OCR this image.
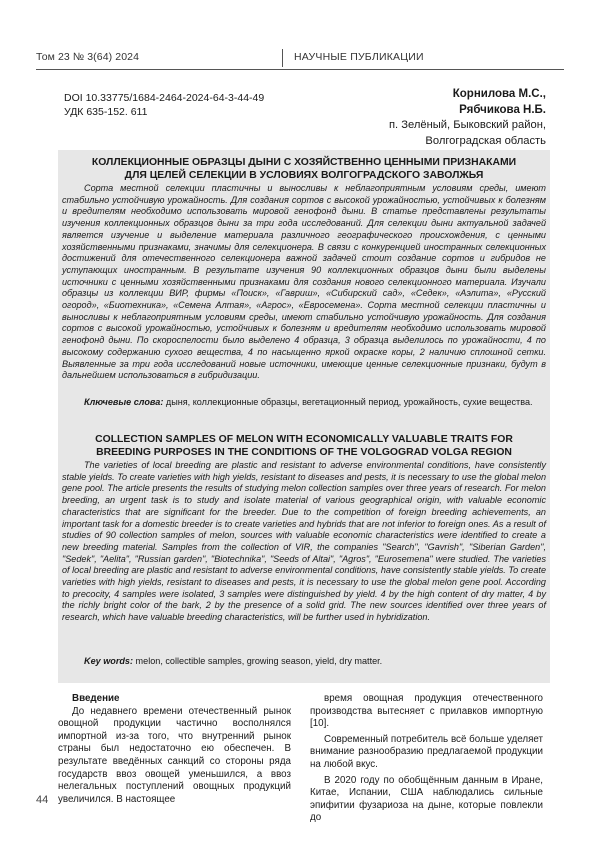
Том 23 № 3(64) 2024	НАУЧНЫЕ ПУБЛИКАЦИИ
DOI 10.33775/1684-2464-2024-64-3-44-49
УДК 635-152. 611
Корнилова М.С.,
Рябчикова Н.Б.
п. Зелёный, Быковский район,
Волгоградская область
КОЛЛЕКЦИОННЫЕ ОБРАЗЦЫ ДЫНИ С ХОЗЯЙСТВЕННО ЦЕННЫМИ ПРИЗНАКАМИ
ДЛЯ ЦЕЛЕЙ СЕЛЕКЦИИ В УСЛОВИЯХ ВОЛГОГРАДСКОГО ЗАВОЛЖЬЯ

Сорта местной селекции пластичны и выносливы к неблагоприятным условиям среды, имеют стабильно устойчивую урожайность. Для создания сортов с высокой урожайностью, устойчивых к болезням и вредителям необходимо использовать мировой генофонд дыни. В статье представлены результаты изучения коллекционных образцов дыни за три года исследований. Для селекции дыни актуальной задачей является изучение и выделение материала различного географического происхождения, с ценными хозяйственными признаками, значимы для селекционера. В связи с конкуренцией иностранных селекционных достижений для отечественного селекционера важной задачей стоит создание сортов и гибридов не уступающих иностранным. В результате изучения 90 коллекционных образцов дыни были выделены источники с ценными хозяйственными признаками для создания нового селекционного материала. Изучали образцы из коллекции ВИР, фирмы «Поиск», «Гавриш», «Сибирский сад», «Седек», «Аэлита», «Русский огород», «Биотехника», «Семена Алтая», «Агрос», «Евросемена». Сорта местной селекции пластичны и выносливы к неблагоприятным условиям среды, имеют стабильно устойчивую урожайность. Для создания сортов с высокой урожайностью, устойчивых к болезням и вредителям необходимо использовать мировой генофонд дыни. По скороспелости было выделено 4 образца, 3 образца выделилось по урожайности, 4 по высокому содержанию сухого вещества, 4 по насыщенно яркой окраске коры, 2 наличию сплошной сетки. Выявленные за три года исследований новые источники, имеющие ценные селекционные признаки, будут в дальнейшем использоваться в гибридизации.

Ключевые слова: дыня, коллекционные образцы, вегетационный период, урожайность, сухие вещества.

COLLECTION SAMPLES OF MELON WITH ECONOMICALLY VALUABLE TRAITS FOR
BREEDING PURPOSES IN THE CONDITIONS OF THE VOLGOGRAD VOLGA REGION

The varieties of local breeding are plastic and resistant to adverse environmental conditions, have consistently stable yields. To create varieties with high yields, resistant to diseases and pests, it is necessary to use the global melon gene pool. The article presents the results of studying melon collection samples over three years of research. For melon breeding, an urgent task is to study and isolate material of various geographical origin, with valuable economic characteristics that are significant for the breeder. Due to the competition of foreign breeding achievements, an important task for a domestic breeder is to create varieties and hybrids that are not inferior to foreign ones. As a result of studies of 90 collection samples of melon, sources with valuable economic characteristics were identified to create a new breeding material. Samples from the collection of VIR, the companies "Search", "Gavrish", "Siberian Garden", "Sedek", "Aelita", "Russian garden", "Biotechnika", "Seeds of Altai", "Agros", "Eurosemena" were studied. The varieties of local breeding are plastic and resistant to adverse environmental conditions, have consistently stable yields. To create varieties with high yields, resistant to diseases and pests, it is necessary to use the global melon gene pool. According to precocity, 4 samples were isolated, 3 samples were distinguished by yield. 4 by the high content of dry matter, 4 by the richly bright color of the bark, 2 by the presence of a solid grid. The new sources identified over three years of research, which have valuable breeding characteristics, will be further used in hybridization.

Key words: melon, collectible samples, growing season, yield, dry matter.

Введение

До недавнего времени отечественный рынок овощной продукции частично восполнялся импортной из-за того, что внутренний рынок страны был недостаточно ею обеспечен. В результате введённых санкций со стороны ряда государств ввоз овощей уменьшился, а ввоз нелегальных поступлений овощных продукций увеличился. В настоящее

время овощная продукция отечественного производства вытесняет с прилавков импортную [10].

Современный потребитель всё больше уделяет внимание разнообразию предлагаемой продукции на любой вкус.

В 2020 году по обобщённым данным в Иране, Китае, Испании, США наблюдались сильные эпифитии фузариоза на дыне, которые повлекли до

44
